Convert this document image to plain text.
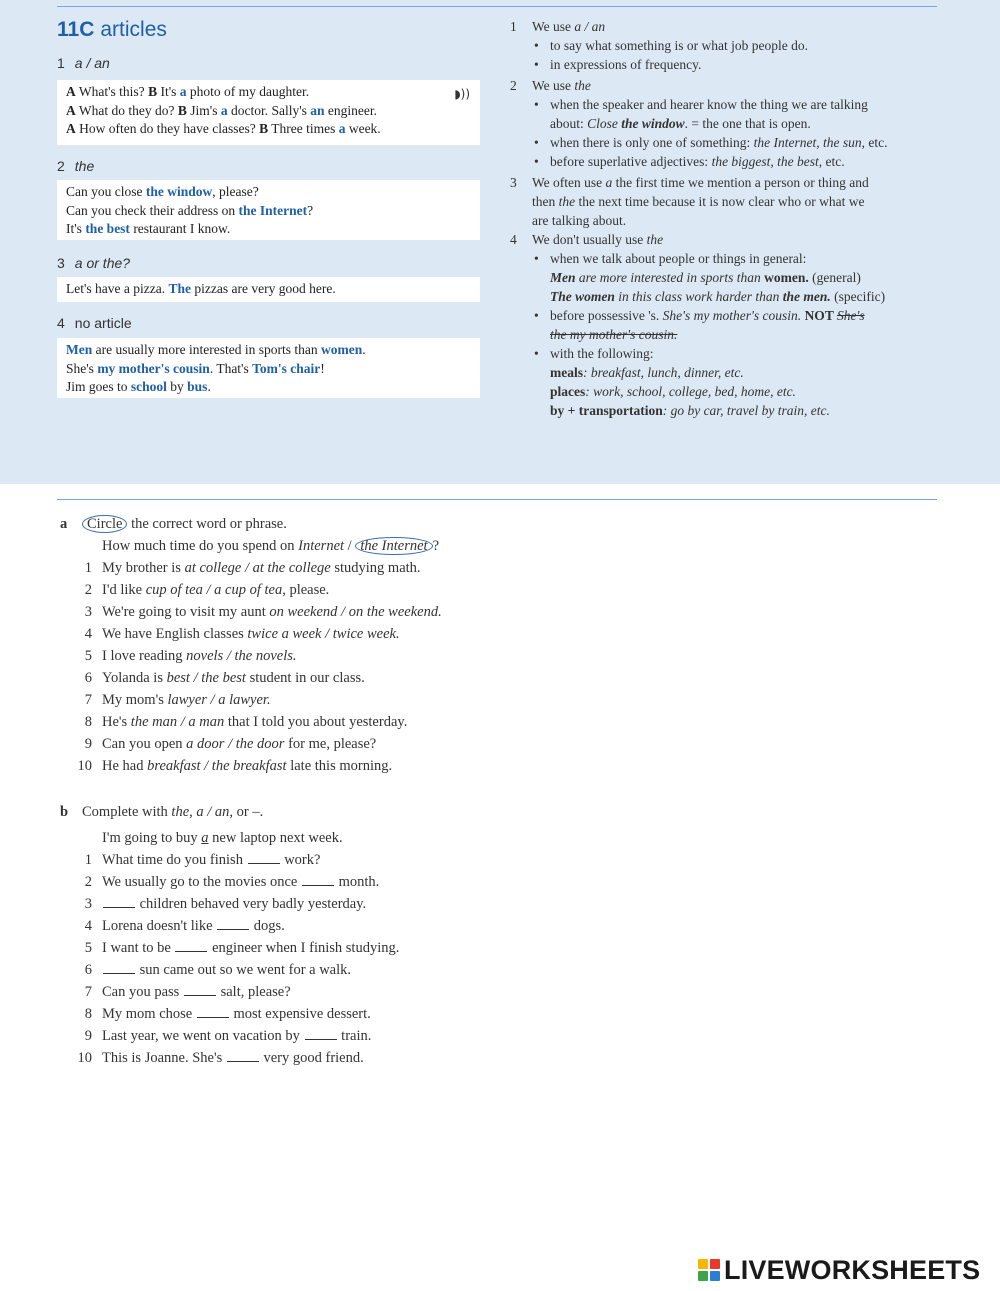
11C articles
1 a / an
◗))
A What's this? B It's a photo of my daughter.
A What do they do? B Jim's a doctor. Sally's an engineer.
A How often do they have classes? B Three times a week.
2 the
Can you close the window, please?
Can you check their address on the Internet?
It's the best restaurant I know.
3 a or the?
Let's have a pizza. The pizzas are very good here.
4 no article
Men are usually more interested in sports than women.
She's my mother's cousin. That's Tom's chair!
Jim goes to school by bus.
1 We use a / an
• to say what something is or what job people do.
• in expressions of frequency.
2 We use the
• when the speaker and hearer know the thing we are talking
about: Close the window. = the one that is open.
• when there is only one of something: the Internet, the sun, etc.
• before superlative adjectives: the biggest, the best, etc.
3 We often use a the first time we mention a person or thing and
then the the next time because it is now clear who or what we
are talking about.
4 We don't usually use the
• when we talk about people or things in general:
Men are more interested in sports than women. (general)
The women in this class work harder than the men. (specific)
• before possessive 's. She's my mother's cousin. NOT She's
the my mother's cousin.
• with the following:
meals: breakfast, lunch, dinner, etc.
places: work, school, college, bed, home, etc.
by + transportation: go by car, travel by train, etc.
a Circle the correct word or phrase.
How much time do you spend on Internet / the Internet ?
1 My brother is at college / at the college studying math.
2 I'd like cup of tea / a cup of tea, please.
3 We're going to visit my aunt on weekend / on the weekend.
4 We have English classes twice a week / twice week.
5 I love reading novels / the novels.
6 Yolanda is best / the best student in our class.
7 My mom's lawyer / a lawyer.
8 He's the man / a man that I told you about yesterday.
9 Can you open a door / the door for me, please?
10 He had breakfast / the breakfast late this morning.
b Complete with the, a / an, or –.
I'm going to buy a new laptop next week.
1 What time do you finish  work?
2 We usually go to the movies once  month.
3	children behaved very badly yesterday.
4 Lorena doesn't like  dogs.
5 I want to be  engineer when I finish studying.
6	sun came out so we went for a walk.
7 Can you pass  salt, please?
8 My mom chose  most expensive dessert.
9 Last year, we went on vacation by  train.
10 This is Joanne. She's  very good friend.
LIVEWORKSHEETS
